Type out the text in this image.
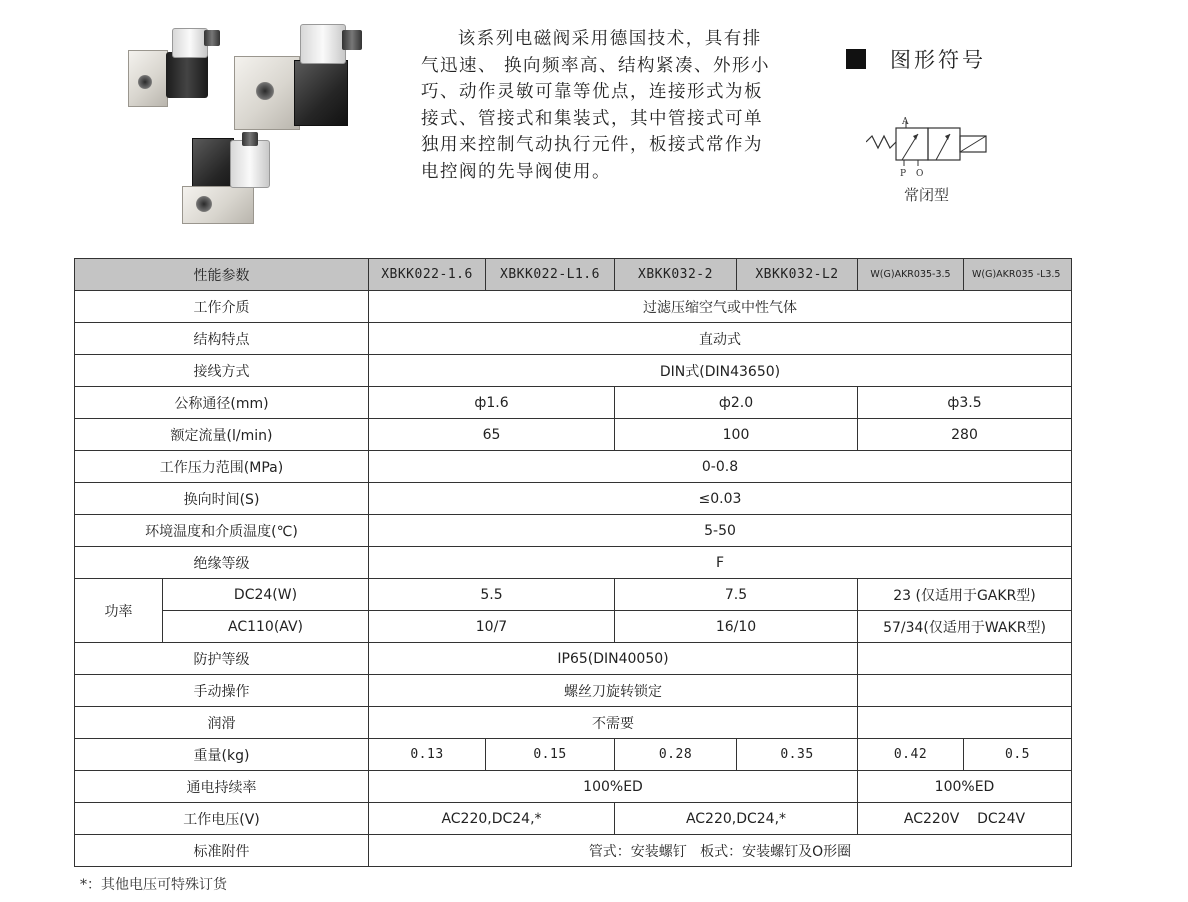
该系列电磁阀采用德国技术，具有排气迅速、 换向频率高、结构紧凑、外形小巧、动作灵敏可靠等优点，连接形式为板接式、管接式和集装式，其中管接式可单独用来控制气动执行元件，板接式常作为电控阀的先导阀使用。

图形符号
A
P O
常闭型
性能参数		XBKK022-1.6	XBKK022-L1.6	XBKK032-2	XBKK032-L2	W(G)AKR035-3.5	W(G)AKR035 -L3.5
工作介质		过滤压缩空气或中性气体					
结构特点		直动式					
接线方式		DIN式(DIN43650)					
公称通径(mm)		ф1.6		ф2.0		ф3.5	
额定流量(l/min)		65		100		280	
工作压力范围(MPa)		0-0.8					
换向时间(S)		≤0.03					
环境温度和介质温度(℃)		5-50					
绝缘等级		F					
功率	DC24(W)	5.5		7.5		23 (仅适用于GAKR型)	
	AC110(AV)	10/7		16/10		57/34(仅适用于WAKR型)	
防护等级		IP65(DIN40050)					
手动操作		螺丝刀旋转锁定					
润滑		不需要					
重量(kg)		0.13	0.15	0.28	0.35	0.42	0.5
通电持续率		100%ED				100%ED	
工作电压(V)		AC220,DC24,*		AC220,DC24,*		AC220V    DC24V	
标准附件		管式：安装螺钉   板式：安装螺钉及O形圈					
*：其他电压可特殊订货
